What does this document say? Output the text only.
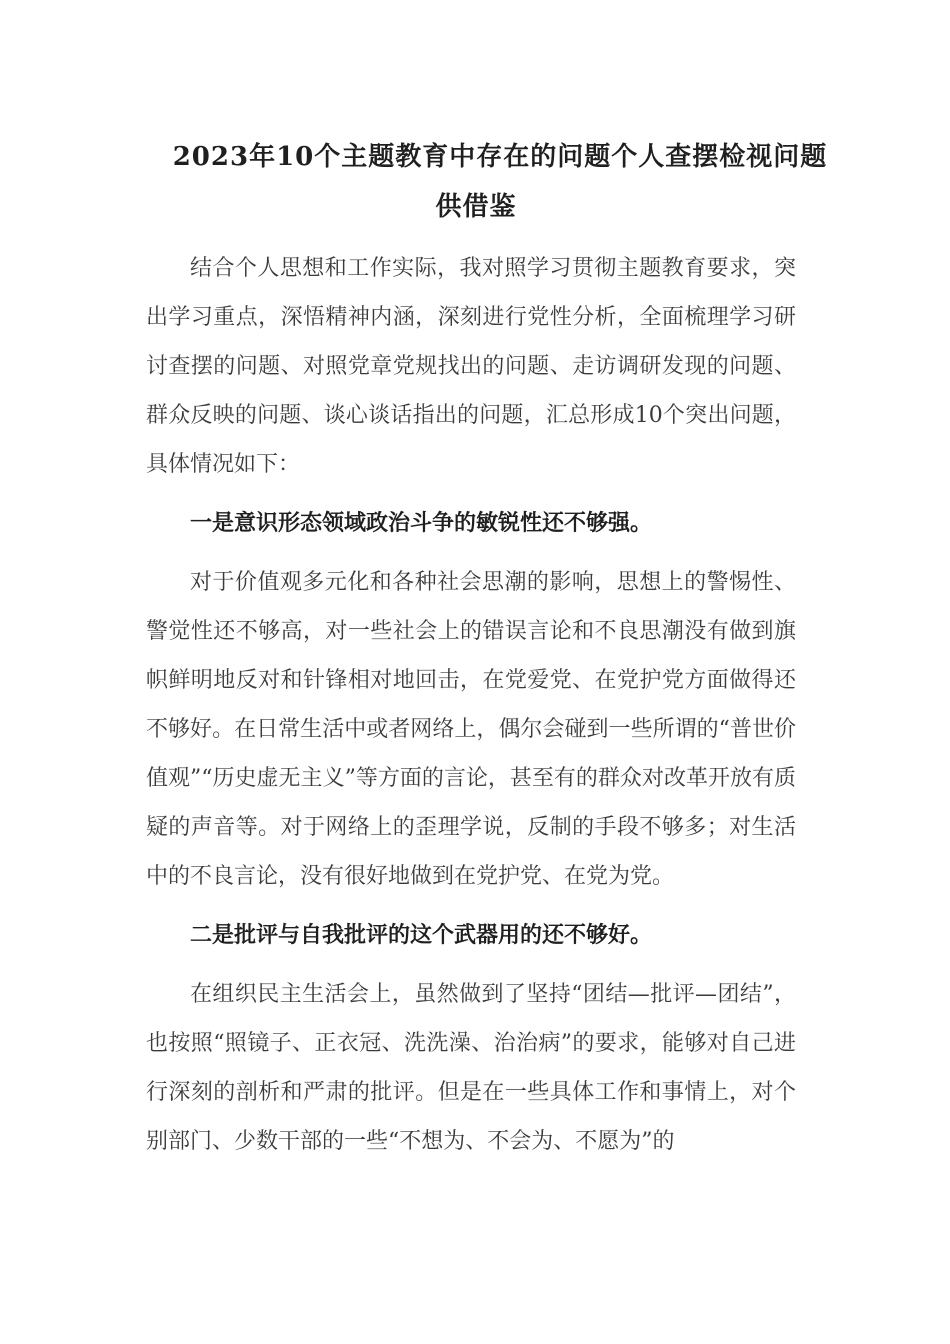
2023年10个主题教育中存在的问题个人查摆检视问题
供借鉴

结合个人思想和工作实际，我对照学习贯彻主题教育要求，突出学习重点，深悟精神内涵，深刻进行党性分析，全面梳理学习研讨查摆的问题、对照党章党规找出的问题、走访调研发现的问题、群众反映的问题、谈心谈话指出的问题，汇总形成10个突出问题，具体情况如下：

一是意识形态领域政治斗争的敏锐性还不够强。

对于价值观多元化和各种社会思潮的影响，思想上的警惕性、警觉性还不够高，对一些社会上的错误言论和不良思潮没有做到旗帜鲜明地反对和针锋相对地回击，在党爱党、在党护党方面做得还不够好。在日常生活中或者网络上，偶尔会碰到一些所谓的“普世价值观”“历史虚无主义”等方面的言论，甚至有的群众对改革开放有质疑的声音等。对于网络上的歪理学说，反制的手段不够多；对生活中的不良言论，没有很好地做到在党护党、在党为党。

二是批评与自我批评的这个武器用的还不够好。

在组织民主生活会上，虽然做到了坚持“团结—批评—团结”，也按照“照镜子、正衣冠、洗洗澡、治治病”的要求，能够对自己进行深刻的剖析和严肃的批评。但是在一些具体工作和事情上，对个别部门、少数干部的一些“不想为、不会为、不愿为”的
